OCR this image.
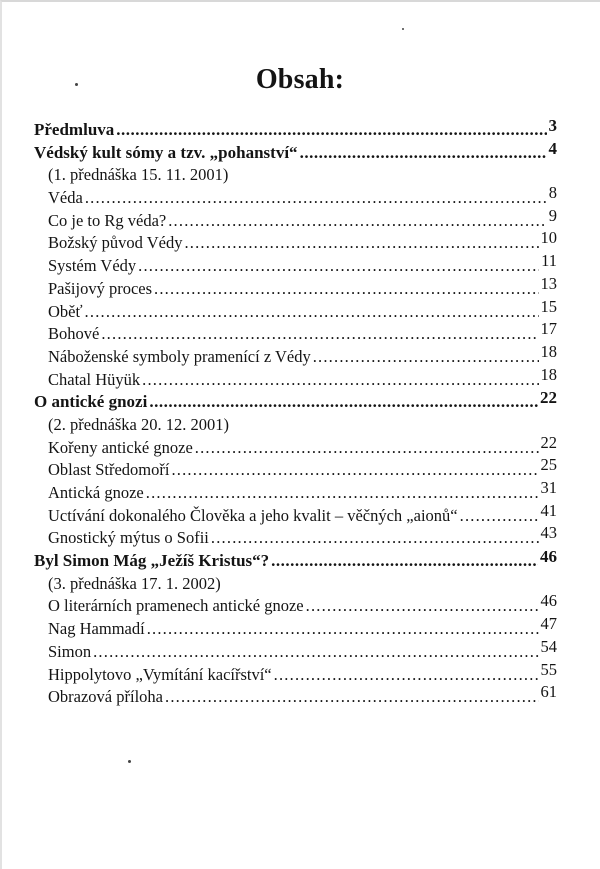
Obsah:
Předmluva .....	3
Védský kult sómy a tzv. „pohanství“ .....	4
(1. přednáška 15. 11. 2001)
Véda .....	8
Co je to Rg véda? .....	9
Božský původ Védy .....	10
Systém Védy .....	11
Pašijový proces .....	13
Oběť .....	15
Bohové .....	17
Náboženské symboly pramenící z Védy .....	18
Chatal Hüyük .....	18
O antické gnozi .....	22
(2. přednáška 20. 12. 2001)
Kořeny antické gnoze .....	22
Oblast Středomoří .....	25
Antická gnoze .....	31
Uctívání dokonalého Člověka a jeho kvalit – věčných „aionů“ .....	41
Gnostický mýtus o Sofii .....	43
Byl Simon Mág „Ježíš Kristus“? .....	46
(3. přednáška 17. 1. 2002)
O literárních pramenech antické gnoze .....	46
Nag Hammadí .....	47
Simon .....	54
Hippolytovo „Vymítání kacířství“ .....	55
Obrazová příloha .....	61
